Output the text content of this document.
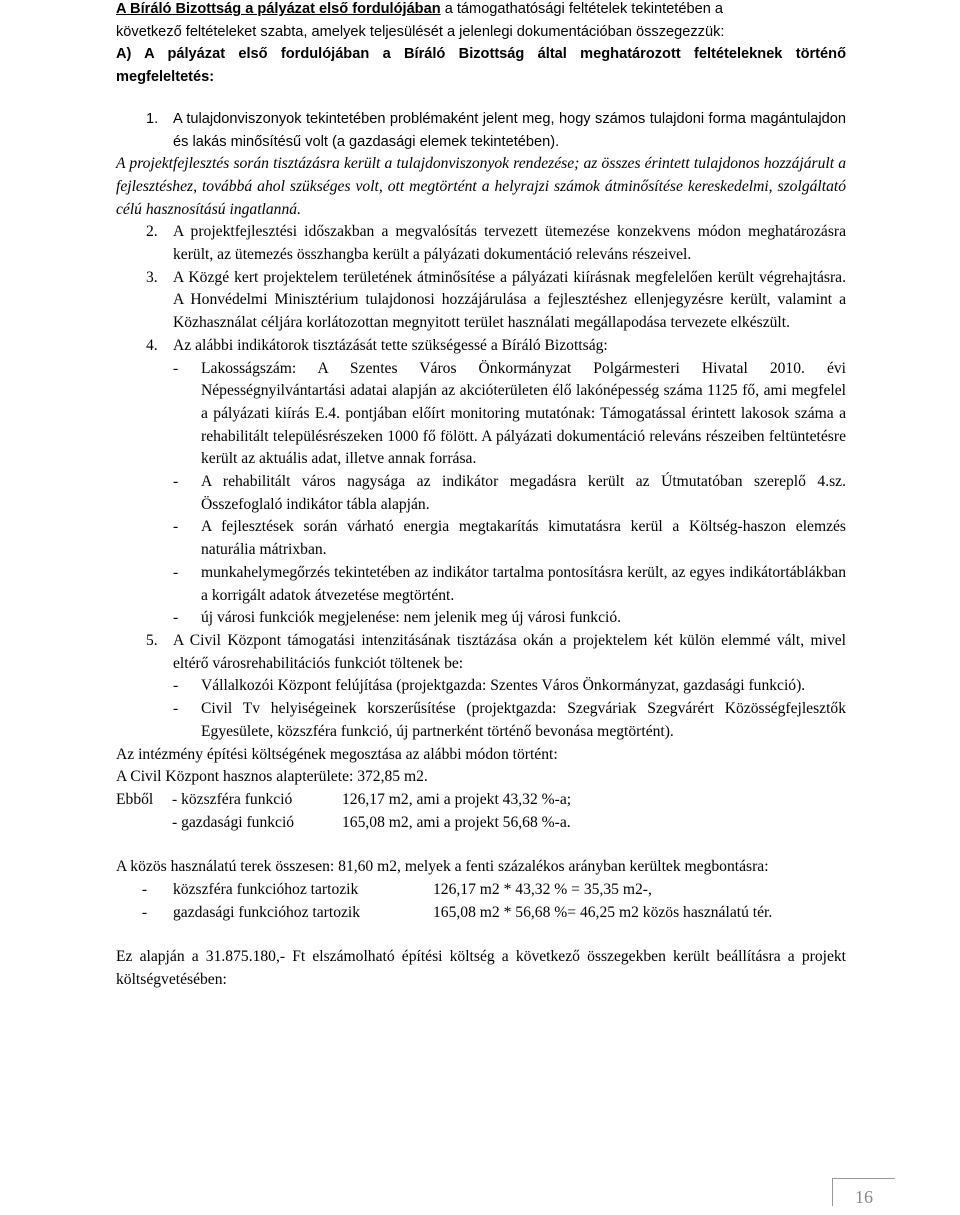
A Bíráló Bizottság a pályázat első fordulójában a támogathatósági feltételek tekintetében a
következő feltételeket szabta, amelyek teljesülését a jelenlegi dokumentációban összegezzük:

A) A pályázat első fordulójában a Bíráló Bizottság által meghatározott feltételeknek történő megfeleltetés:

1. A tulajdonviszonyok tekintetében problémaként jelent meg, hogy számos tulajdoni forma magántulajdon és lakás minősítésű volt (a gazdasági elemek tekintetében).

A projektfejlesztés során tisztázásra került a tulajdonviszonyok rendezése; az összes érintett tulajdonos hozzájárult a fejlesztéshez, továbbá ahol szükséges volt, ott megtörtént a helyrajzi számok átminősítése kereskedelmi, szolgáltató célú hasznosítású ingatlanná.

2. A projektfejlesztési időszakban a megvalósítás tervezett ütemezése konzekvens módon meghatározásra került, az ütemezés összhangba került a pályázati dokumentáció releváns részeivel.

3. A Közgé kert projektelem területének átminősítése a pályázati kiírásnak megfelelően került végrehajtásra. A Honvédelmi Minisztérium tulajdonosi hozzájárulása a fejlesztéshez ellenjegyzésre került, valamint a Közhasználat céljára korlátozottan megnyitott terület használati megállapodása tervezete elkészült.

4. Az alábbi indikátorok tisztázását tette szükségessé a Bíráló Bizottság:

- Lakosságszám: A Szentes Város Önkormányzat Polgármesteri Hivatal 2010. évi Népességnyilvántartási adatai alapján az akcióterületen élő lakónépesség száma 1125 fő, ami megfelel a pályázati kiírás E.4. pontjában előírt monitoring mutatónak: Támogatással érintett lakosok száma a rehabilitált településrészeken 1000 fő fölött. A pályázati dokumentáció releváns részeiben feltüntetésre került az aktuális adat, illetve annak forrása.

- A rehabilitált város nagysága az indikátor megadásra került az Útmutatóban szereplő 4.sz. Összefoglaló indikátor tábla alapján.

- A fejlesztések során várható energia megtakarítás kimutatásra kerül a Költség-haszon elemzés naturália mátrixban.

- munkahelymegőrzés tekintetében az indikátor tartalma pontosításra került, az egyes indikátortáblákban a korrigált adatok átvezetése megtörtént.

- új városi funkciók megjelenése: nem jelenik meg új városi funkció.

5. A Civil Központ támogatási intenzitásának tisztázása okán a projektelem két külön elemmé vált, mivel eltérő városrehabilitációs funkciót töltenek be:

- Vállalkozói Központ felújítása (projektgazda: Szentes Város Önkormányzat, gazdasági funkció).

- Civil Tv helyiségeinek korszerűsítése (projektgazda: Szegváriak Szegvárért Közösségfejlesztők Egyesülete, közszféra funkció, új partnerként történő bevonása megtörtént).

Az intézmény építési költségének megosztása az alábbi módon történt:

A Civil Központ hasznos alapterülete: 372,85 m2.

Ebből	- közszféra funkció	126,17 m2, ami a projekt 43,32 %-a;
- gazdasági funkció	165,08 m2, ami a projekt 56,68 %-a.

A közös használatú terek összesen: 81,60 m2, melyek a fenti százalékos arányban kerültek megbontásra:

-	közszféra funkcióhoz tartozik	126,17 m2 * 43,32 % = 35,35 m2-,
-	gazdasági funkcióhoz tartozik	165,08 m2 * 56,68 %= 46,25 m2 közös használatú tér.

Ez alapján a 31.875.180,- Ft elszámolható építési költség a következő összegekben került beállításra a projekt költségvetésében:

16
